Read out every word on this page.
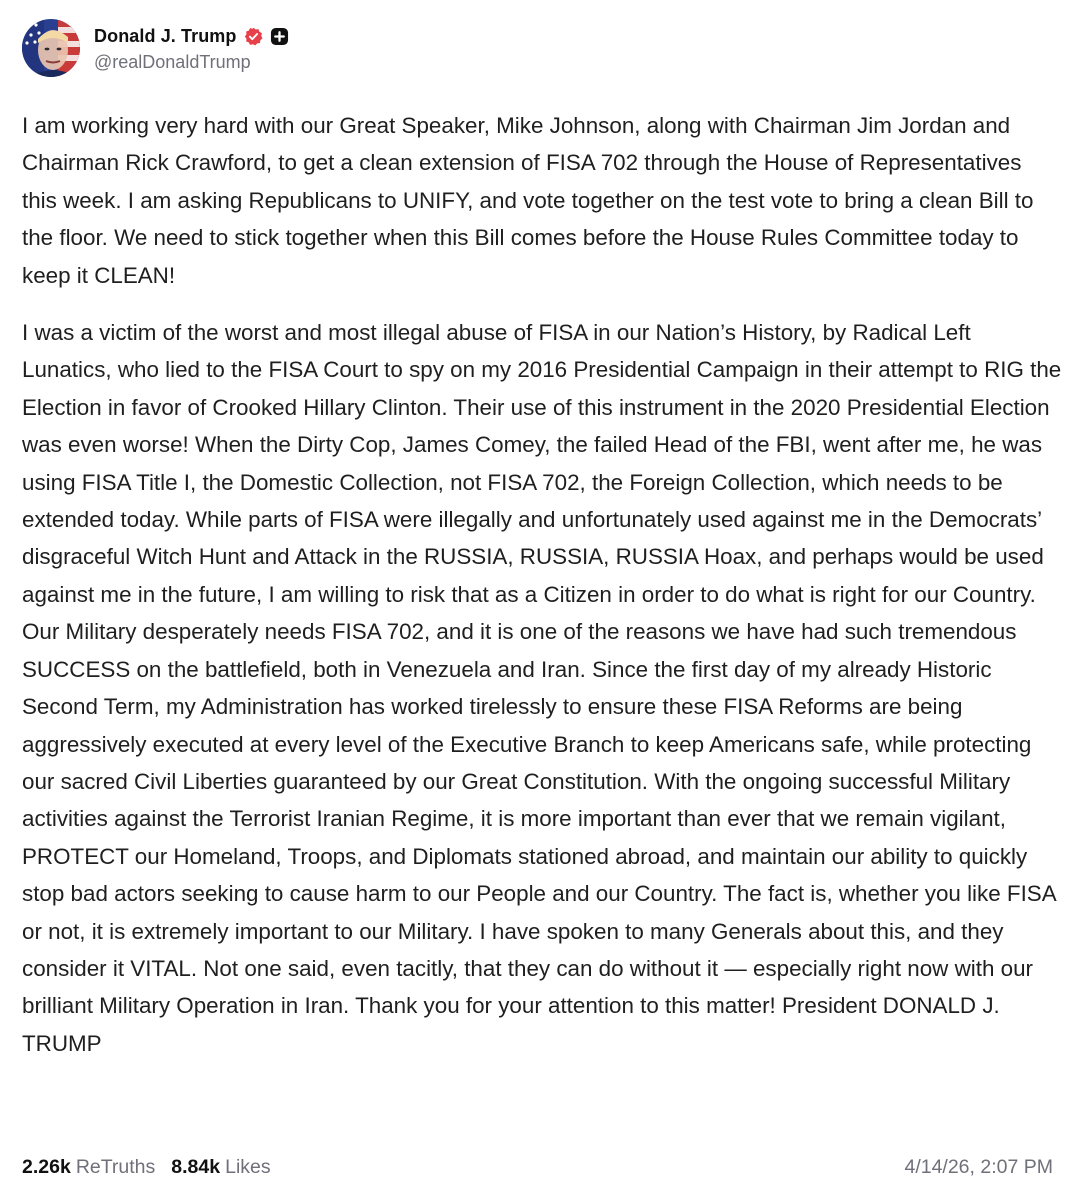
Donald J. Trump
@realDonaldTrump

I am working very hard with our Great Speaker, Mike Johnson, along with Chairman Jim Jordan and Chairman Rick Crawford, to get a clean extension of FISA 702 through the House of Representatives this week. I am asking Republicans to UNIFY, and vote together on the test vote to bring a clean Bill to the floor. We need to stick together when this Bill comes before the House Rules Committee today to keep it CLEAN!

I was a victim of the worst and most illegal abuse of FISA in our Nation’s History, by Radical Left Lunatics, who lied to the FISA Court to spy on my 2016 Presidential Campaign in their attempt to RIG the Election in favor of Crooked Hillary Clinton. Their use of this instrument in the 2020 Presidential Election was even worse! When the Dirty Cop, James Comey, the failed Head of the FBI, went after me, he was using FISA Title I, the Domestic Collection, not FISA 702, the Foreign Collection, which needs to be extended today. While parts of FISA were illegally and unfortunately used against me in the Democrats’ disgraceful Witch Hunt and Attack in the RUSSIA, RUSSIA, RUSSIA Hoax, and perhaps would be used against me in the future, I am willing to risk that as a Citizen in order to do what is right for our Country. Our Military desperately needs FISA 702, and it is one of the reasons we have had such tremendous SUCCESS on the battlefield, both in Venezuela and Iran. Since the first day of my already Historic Second Term, my Administration has worked tirelessly to ensure these FISA Reforms are being aggressively executed at every level of the Executive Branch to keep Americans safe, while protecting our sacred Civil Liberties guaranteed by our Great Constitution. With the ongoing successful Military activities against the Terrorist Iranian Regime, it is more important than ever that we remain vigilant, PROTECT our Homeland, Troops, and Diplomats stationed abroad, and maintain our ability to quickly stop bad actors seeking to cause harm to our People and our Country. The fact is, whether you like FISA or not, it is extremely important to our Military. I have spoken to many Generals about this, and they consider it VITAL. Not one said, even tacitly, that they can do without it — especially right now with our brilliant Military Operation in Iran. Thank you for your attention to this matter! President DONALD J. TRUMP

2.26k ReTruths 8.84k Likes	4/14/26, 2:07 PM
